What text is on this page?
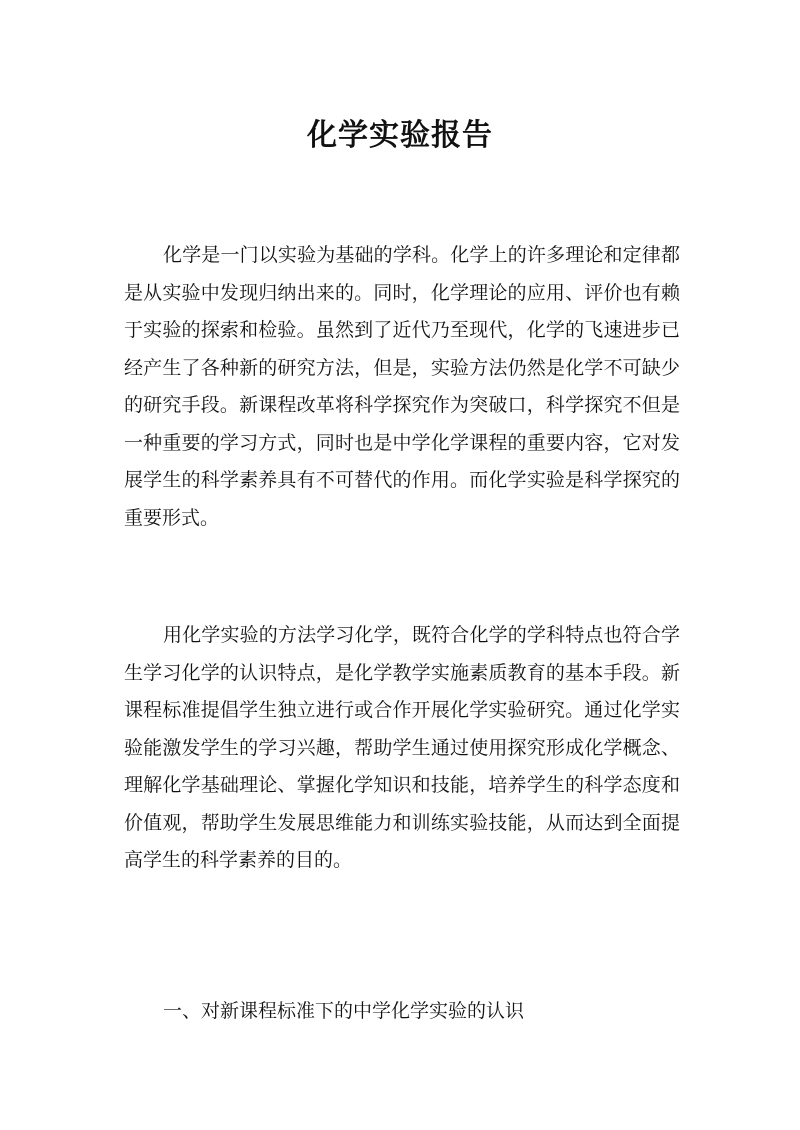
化学实验报告

化学是一门以实验为基础的学科。化学上的许多理论和定律都是从实验中发现归纳出来的。同时，化学理论的应用、评价也有赖于实验的探索和检验。虽然到了近代乃至现代，化学的飞速进步已经产生了各种新的研究方法，但是，实验方法仍然是化学不可缺少的研究手段。新课程改革将科学探究作为突破口，科学探究不但是一种重要的学习方式，同时也是中学化学课程的重要内容，它对发展学生的科学素养具有不可替代的作用。而化学实验是科学探究的重要形式。

用化学实验的方法学习化学，既符合化学的学科特点也符合学生学习化学的认识特点，是化学教学实施素质教育的基本手段。新课程标准提倡学生独立进行或合作开展化学实验研究。通过化学实验能激发学生的学习兴趣，帮助学生通过使用探究形成化学概念、理解化学基础理论、掌握化学知识和技能，培养学生的科学态度和价值观，帮助学生发展思维能力和训练实验技能，从而达到全面提高学生的科学素养的目的。

一、对新课程标准下的中学化学实验的认识
